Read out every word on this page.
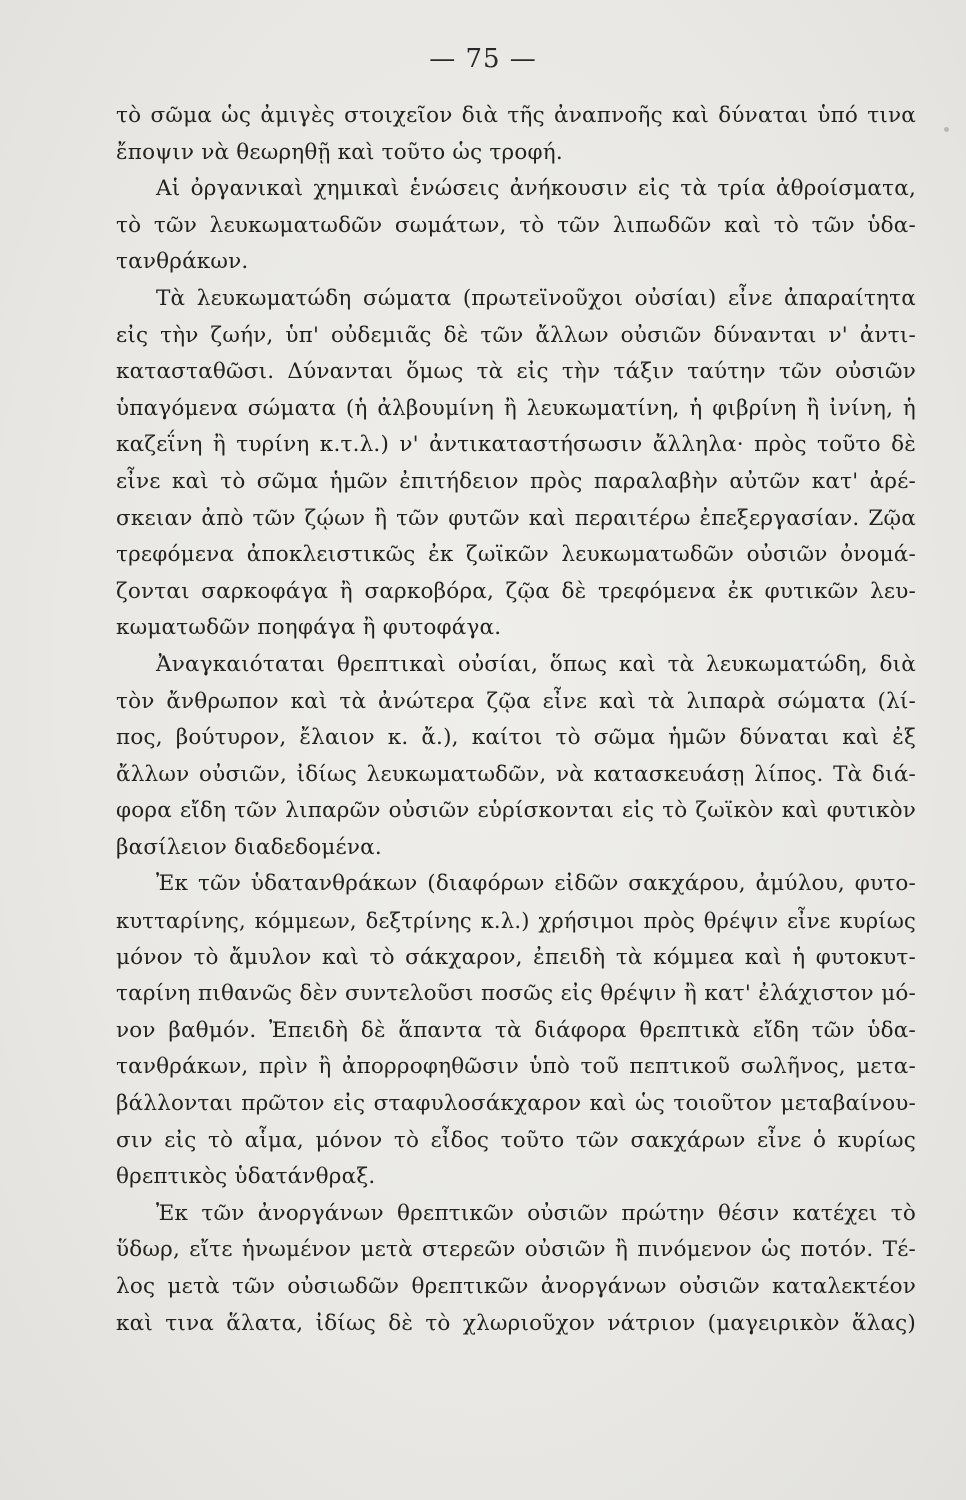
— 75 —
τὸ σῶμα ὡς ἀμιγὲς στοιχεῖον διὰ τῆς ἀναπνοῆς καὶ δύναται ὑπό τινα
ἔποψιν νὰ θεωρηθῇ καὶ τοῦτο ὡς τροφή.
Αἱ ὀργανικαὶ χημικαὶ ἑνώσεις ἀνήκουσιν εἰς τὰ τρία ἀθροίσματα,
τὸ τῶν λευκωματωδῶν σωμάτων, τὸ τῶν λιπωδῶν καὶ τὸ τῶν ὑδα-
τανθράκων.
Τὰ λευκωματώδη σώματα (πρωτεϊνοῦχοι οὐσίαι) εἶνε ἀπαραίτητα
εἰς τὴν ζωήν, ὑπ' οὐδεμιᾶς δὲ τῶν ἄλλων οὐσιῶν δύνανται ν' ἀντι-
κατασταθῶσι. Δύνανται ὅμως τὰ εἰς τὴν τάξιν ταύτην τῶν οὐσιῶν
ὑπαγόμενα σώματα (ἡ ἀλβουμίνη ἢ λευκωματίνη, ἡ φιβρίνη ἢ ἰνίνη, ἡ
καζεΐνη ἢ τυρίνη κ.τ.λ.) ν' ἀντικαταστήσωσιν ἄλληλα· πρὸς τοῦτο δὲ
εἶνε καὶ τὸ σῶμα ἡμῶν ἐπιτήδειον πρὸς παραλαβὴν αὐτῶν κατ' ἀρέ-
σκειαν ἀπὸ τῶν ζῴων ἢ τῶν φυτῶν καὶ περαιτέρω ἐπεξεργασίαν. Ζῷα
τρεφόμενα ἀποκλειστικῶς ἐκ ζωϊκῶν λευκωματωδῶν οὐσιῶν ὀνομά-
ζονται σαρκοφάγα ἢ σαρκοβόρα, ζῷα δὲ τρεφόμενα ἐκ φυτικῶν λευ-
κωματωδῶν ποηφάγα ἢ φυτοφάγα.
Ἀναγκαιόταται θρεπτικαὶ οὐσίαι, ὅπως καὶ τὰ λευκωματώδη, διὰ
τὸν ἄνθρωπον καὶ τὰ ἀνώτερα ζῷα εἶνε καὶ τὰ λιπαρὰ σώματα (λί-
πος, βούτυρον, ἔλαιον κ. ἄ.), καίτοι τὸ σῶμα ἡμῶν δύναται καὶ ἐξ
ἄλλων οὐσιῶν, ἰδίως λευκωματωδῶν, νὰ κατασκευάσῃ λίπος. Τὰ διά-
φορα εἴδη τῶν λιπαρῶν οὐσιῶν εὑρίσκονται εἰς τὸ ζωϊκὸν καὶ φυτικὸν
βασίλειον διαδεδομένα.
Ἐκ τῶν ὑδατανθράκων (διαφόρων εἰδῶν σακχάρου, ἀμύλου, φυτο-
κυτταρίνης, κόμμεων, δεξτρίνης κ.λ.) χρήσιμοι πρὸς θρέψιν εἶνε κυρίως
μόνον τὸ ἄμυλον καὶ τὸ σάκχαρον, ἐπειδὴ τὰ κόμμεα καὶ ἡ φυτοκυτ-
ταρίνη πιθανῶς δὲν συντελοῦσι ποσῶς εἰς θρέψιν ἢ κατ' ἐλάχιστον μό-
νον βαθμόν. Ἐπειδὴ δὲ ἅπαντα τὰ διάφορα θρεπτικὰ εἴδη τῶν ὑδα-
τανθράκων, πρὶν ἢ ἀπορροφηθῶσιν ὑπὸ τοῦ πεπτικοῦ σωλῆνος, μετα-
βάλλονται πρῶτον εἰς σταφυλοσάκχαρον καὶ ὡς τοιοῦτον μεταβαίνου-
σιν εἰς τὸ αἷμα, μόνον τὸ εἶδος τοῦτο τῶν σακχάρων εἶνε ὁ κυρίως
θρεπτικὸς ὑδατάνθραξ.
Ἐκ τῶν ἀνοργάνων θρεπτικῶν οὐσιῶν πρώτην θέσιν κατέχει τὸ
ὕδωρ, εἴτε ἡνωμένον μετὰ στερεῶν οὐσιῶν ἢ πινόμενον ὡς ποτόν. Τέ-
λος μετὰ τῶν οὐσιωδῶν θρεπτικῶν ἀνοργάνων οὐσιῶν καταλεκτέον
καὶ τινα ἅλατα, ἰδίως δὲ τὸ χλωριοῦχον νάτριον (μαγειρικὸν ἅλας)
